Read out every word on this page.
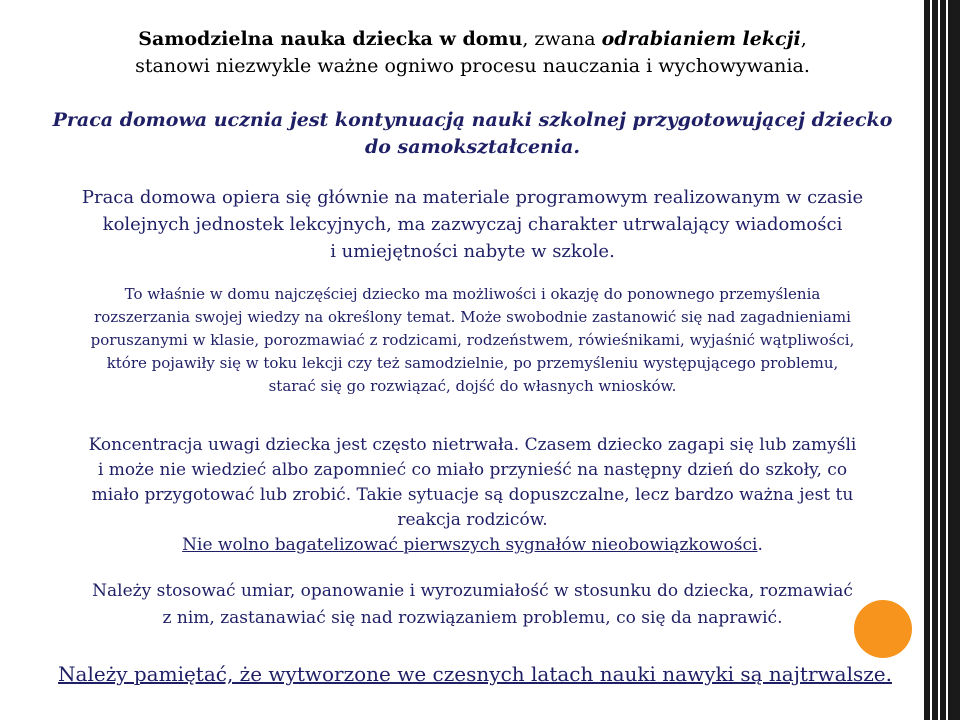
Samodzielna nauka dziecka w domu, zwana odrabianiem lekcji,
stanowi niezwykle ważne ogniwo procesu nauczania i wychowywania.

Praca domowa ucznia jest kontynuacją nauki szkolnej przygotowującej dziecko
do samokształcenia.

Praca domowa opiera się głównie na materiale programowym realizowanym w czasie
kolejnych jednostek lekcyjnych, ma zazwyczaj charakter utrwalający wiadomości
i umiejętności nabyte w szkole.

To właśnie w domu najczęściej dziecko ma możliwości i okazję do ponownego przemyślenia
rozszerzania swojej wiedzy na określony temat. Może swobodnie zastanowić się nad zagadnieniami
poruszanymi w klasie, porozmawiać z rodzicami, rodzeństwem, rówieśnikami, wyjaśnić wątpliwości,
które pojawiły się w toku lekcji czy też samodzielnie, po przemyśleniu występującego problemu,
starać się go rozwiązać, dojść do własnych wniosków.

Koncentracja uwagi dziecka jest często nietrwała. Czasem dziecko zagapi się lub zamyśli
i może nie wiedzieć albo zapomnieć co miało przynieść na następny dzień do szkoły, co
miało przygotować lub zrobić. Takie sytuacje są dopuszczalne, lecz bardzo ważna jest tu
reakcja rodziców.
Nie wolno bagatelizować pierwszych sygnałów nieobowiązkowości.

Należy stosować umiar, opanowanie i wyrozumiałość w stosunku do dziecka, rozmawiać
z nim, zastanawiać się nad rozwiązaniem problemu, co się da naprawić.

Należy pamiętać, że wytworzone we czesnych latach nauki nawyki są najtrwalsze.
